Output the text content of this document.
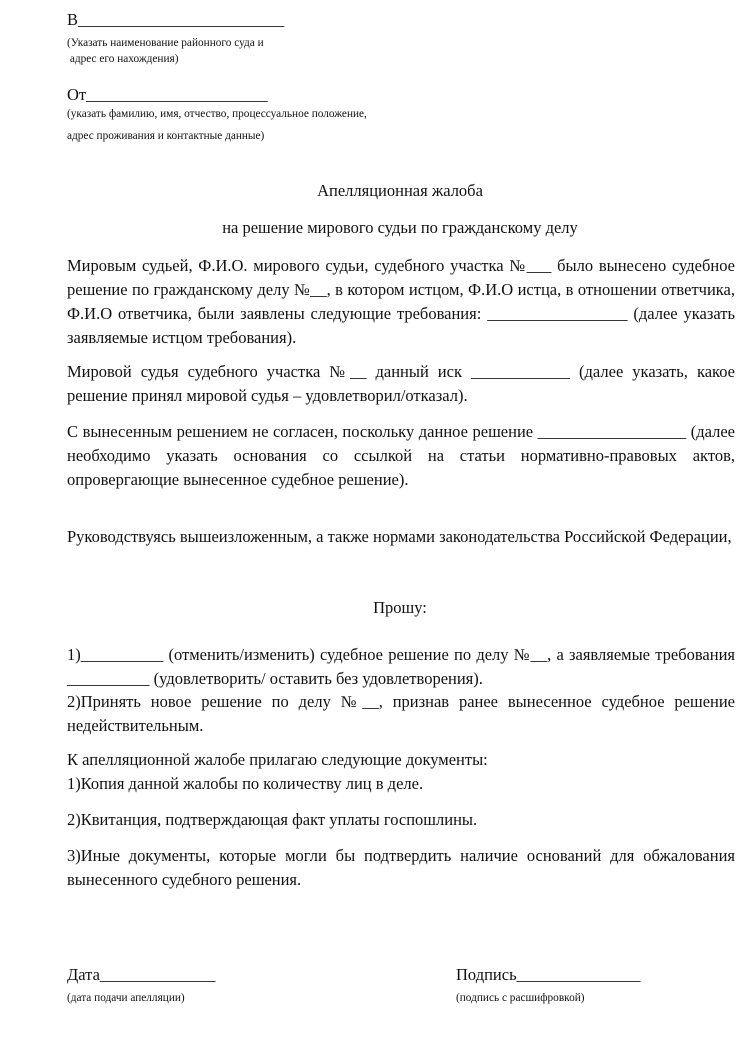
В_________________________
(Указать наименование районного суда и
адрес его нахождения)
От______________________
(указать фамилию, имя, отчество, процессуальное положение,
адрес проживания и контактные данные)
Апелляционная жалоба
на решение мирового судьи по гражданскому делу
Мировым судьей, Ф.И.О. мирового судьи, судебного участка №___ было вынесено судебное решение по гражданскому делу №__, в котором истцом, Ф.И.О истца, в отношении ответчика, Ф.И.О ответчика, были заявлены следующие требования: _________________ (далее указать заявляемые истцом требования).
Мировой судья судебного участка №__ данный иск ____________ (далее указать, какое решение принял мировой судья – удовлетворил/отказал).
С вынесенным решением не согласен, поскольку данное решение __________________ (далее необходимо указать основания со ссылкой на статьи нормативно-правовых актов, опровергающие вынесенное судебное решение).
Руководствуясь вышеизложенным, а также нормами законодательства Российской Федерации,
Прошу:
1)__________ (отменить/изменить) судебное решение по делу №__, а заявляемые требования __________ (удовлетворить/ оставить без удовлетворения).
2)Принять новое решение по делу №__, признав ранее вынесенное судебное решение недействительным.
К апелляционной жалобе прилагаю следующие документы:
1)Копия данной жалобы по количеству лиц в деле.
2)Квитанция, подтверждающая факт уплаты госпошлины.
3)Иные документы, которые могли бы подтвердить наличие оснований для обжалования вынесенного судебного решения.
Дата______________
(дата подачи апелляции)
Подпись_______________
(подпись с расшифровкой)
